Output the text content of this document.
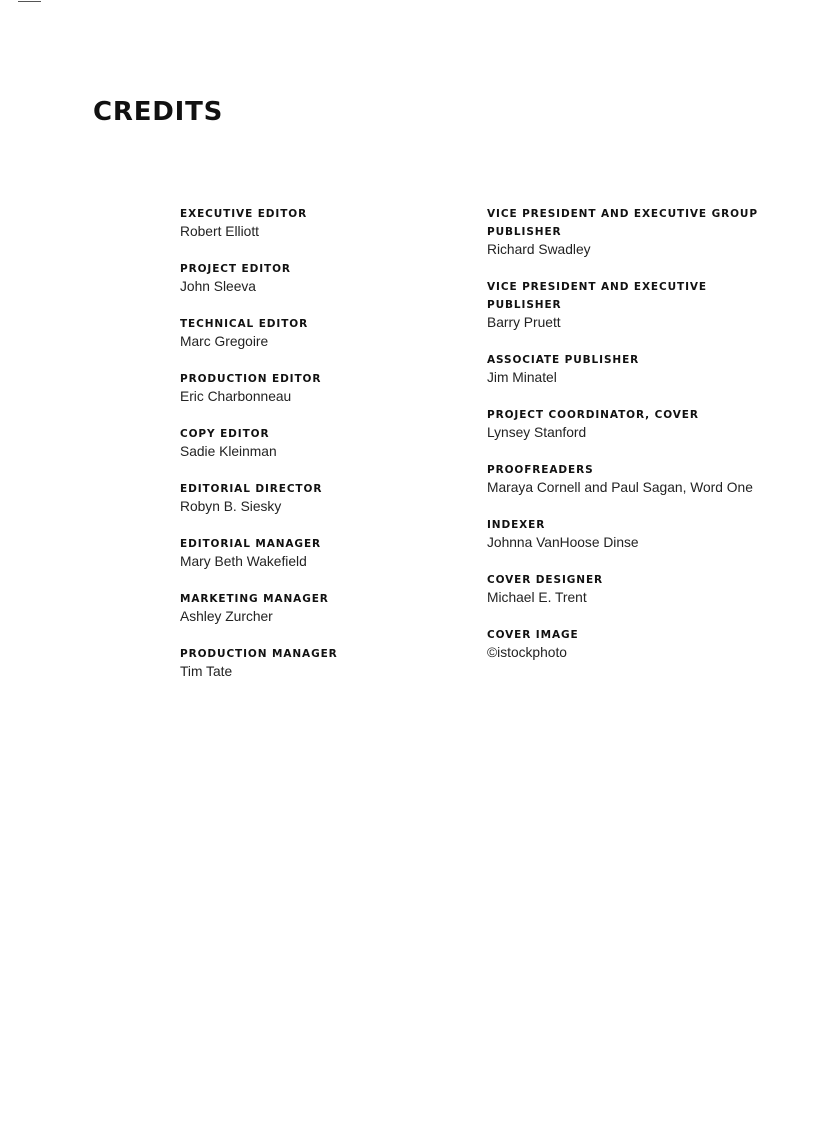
CREDITS
EXECUTIVE EDITOR
Robert Elliott
PROJECT EDITOR
John Sleeva
TECHNICAL EDITOR
Marc Gregoire
PRODUCTION EDITOR
Eric Charbonneau
COPY EDITOR
Sadie Kleinman
EDITORIAL DIRECTOR
Robyn B. Siesky
EDITORIAL MANAGER
Mary Beth Wakefield
MARKETING MANAGER
Ashley Zurcher
PRODUCTION MANAGER
Tim Tate
VICE PRESIDENT AND EXECUTIVE GROUP PUBLISHER
Richard Swadley
VICE PRESIDENT AND EXECUTIVE PUBLISHER
Barry Pruett
ASSOCIATE PUBLISHER
Jim Minatel
PROJECT COORDINATOR, COVER
Lynsey Stanford
PROOFREADERS
Maraya Cornell and Paul Sagan, Word One
INDEXER
Johnna VanHoose Dinse
COVER DESIGNER
Michael E. Trent
COVER IMAGE
©istockphoto
